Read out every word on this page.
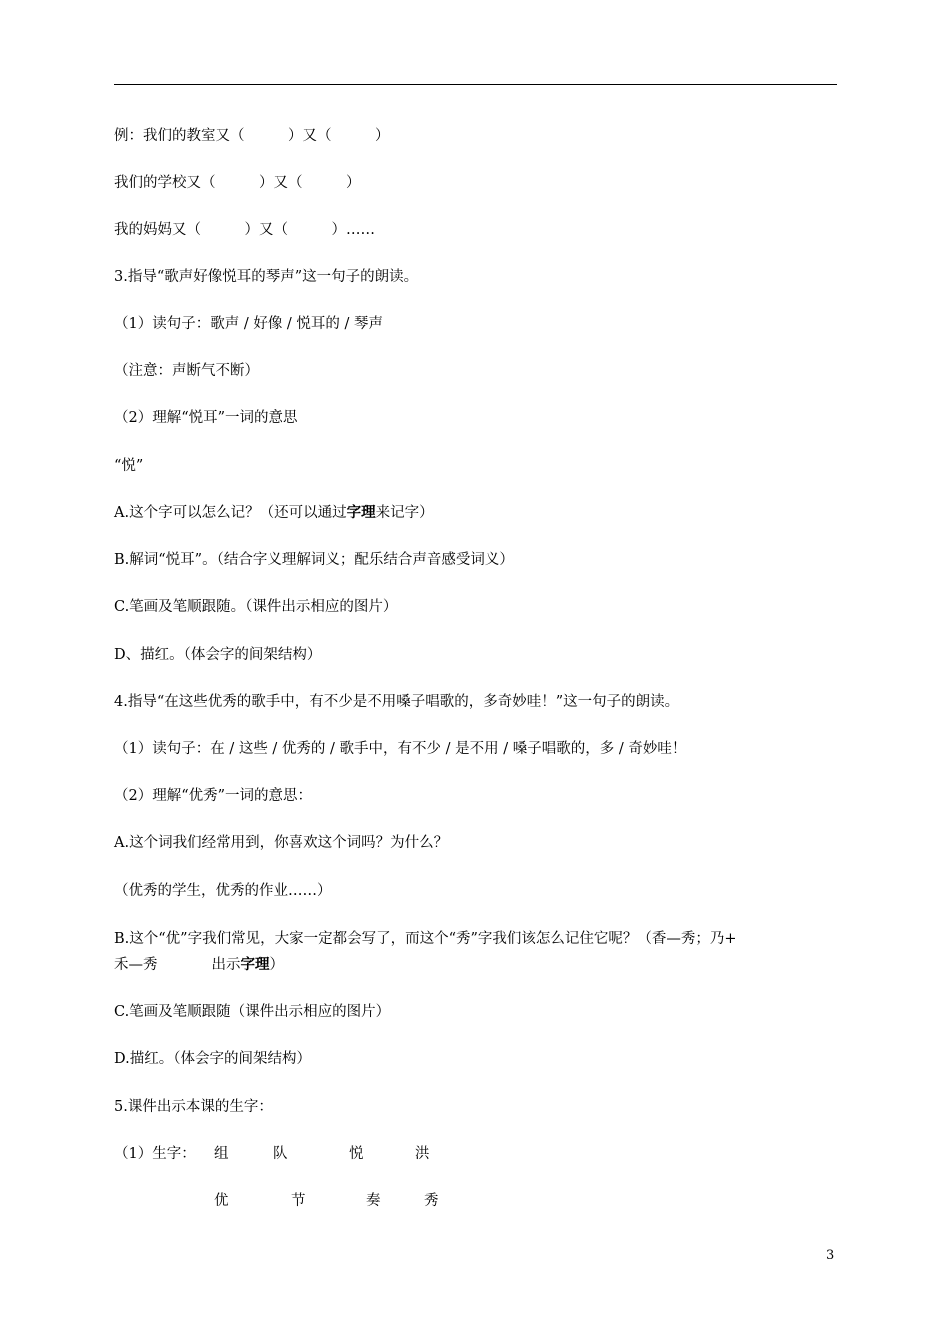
例：我们的教室又（　　　）又（　　　）
我们的学校又（　　　）又（　　　）
我的妈妈又（　　　）又（　　　）……
3.指导“歌声好像悦耳的琴声”这一句子的朗读。
（1）读句子：歌声 / 好像 / 悦耳的 / 琴声
（注意：声断气不断）
（2）理解“悦耳”一词的意思
“悦”
A.这个字可以怎么记？（还可以通过字理来记字）
B.解词“悦耳”。（结合字义理解词义；配乐结合声音感受词义）
C.笔画及笔顺跟随。（课件出示相应的图片）
D、描红。（体会字的间架结构）
4.指导“在这些优秀的歌手中，有不少是不用嗓子唱歌的，多奇妙哇！”这一句子的朗读。
（1）读句子：在 / 这些 / 优秀的 / 歌手中，有不少 / 是不用 / 嗓子唱歌的，多 / 奇妙哇！
（2）理解“优秀”一词的意思：
A.这个词我们经常用到，你喜欢这个词吗？为什么？
（优秀的学生，优秀的作业……）
B.这个“优”字我们常见，大家一定都会写了，而这个“秀”字我们该怎么记住它呢？（香—秀；乃+
禾—秀	出示字理）
C.笔画及笔顺跟随（课件出示相应的图片）
D.描红。（体会字的间架结构）
5.课件出示本课的生字：
（1）生字： 组	队	悦	洪
优	节	奏	秀
3
